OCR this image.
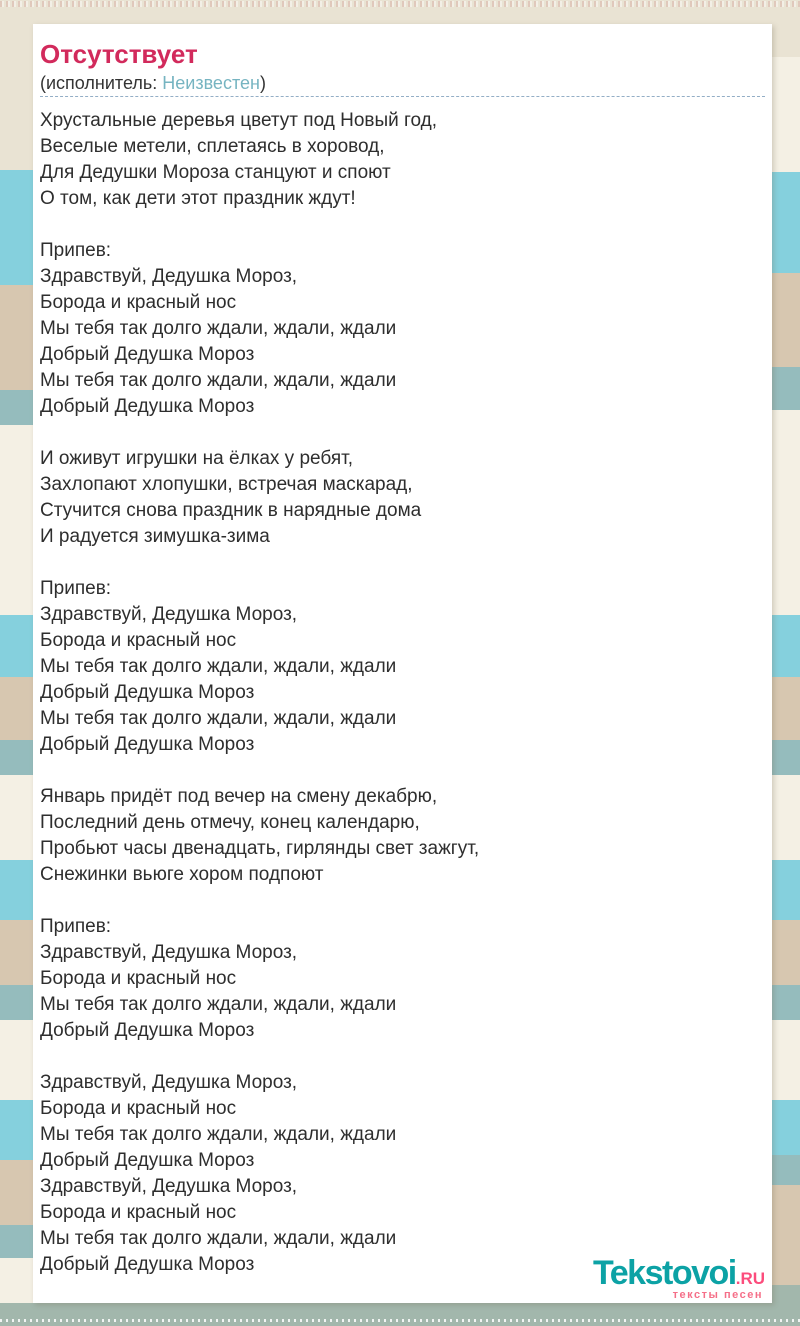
Отсутствует
(исполнитель: Неизвестен)
Хрустальные деревья цветут под Новый год,
Веселые метели, сплетаясь в хоровод,
Для Дедушки Мороза станцуют и споют
О том, как дети этот праздник ждут!
Припев:
Здравствуй, Дедушка Мороз,
Борода и красный нос
Мы тебя так долго ждали, ждали, ждали
Добрый Дедушка Мороз
Мы тебя так долго ждали, ждали, ждали
Добрый Дедушка Мороз
И оживут игрушки на ёлках у ребят,
Захлопают хлопушки, встречая маскарад,
Стучится снова праздник в нарядные дома
И радуется зимушка-зима
Припев:
Здравствуй, Дедушка Мороз,
Борода и красный нос
Мы тебя так долго ждали, ждали, ждали
Добрый Дедушка Мороз
Мы тебя так долго ждали, ждали, ждали
Добрый Дедушка Мороз
Январь придёт под вечер на смену декабрю,
Последний день отмечу, конец календарю,
Пробьют часы двенадцать, гирлянды свет зажгут,
Снежинки вьюге хором подпоют
Припев:
Здравствуй, Дедушка Мороз,
Борода и красный нос
Мы тебя так долго ждали, ждали, ждали
Добрый Дедушка Мороз
Здравствуй, Дедушка Мороз,
Борода и красный нос
Мы тебя так долго ждали, ждали, ждали
Добрый Дедушка Мороз
Здравствуй, Дедушка Мороз,
Борода и красный нос
Мы тебя так долго ждали, ждали, ждали
Добрый Дедушка Мороз	Tekstovoi.RU
тексты песен
